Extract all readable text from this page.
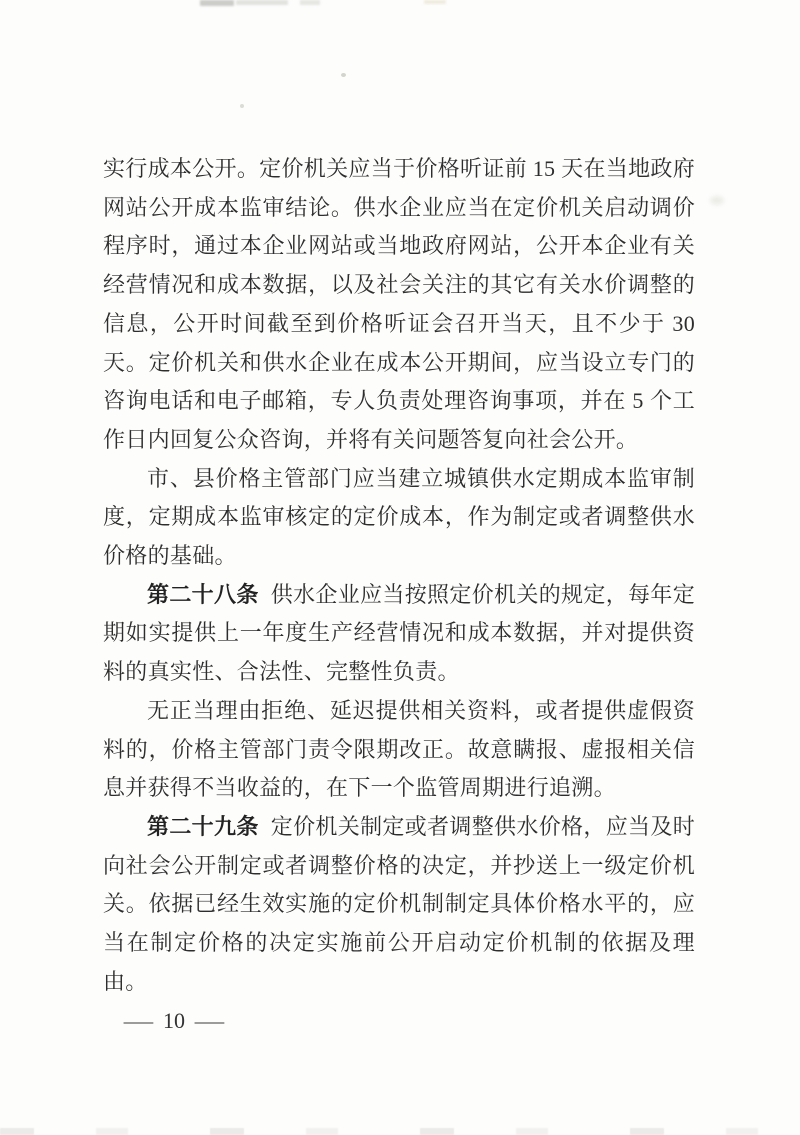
实行成本公开。定价机关应当于价格听证前 15 天在当地政府网站公开成本监审结论。供水企业应当在定价机关启动调价程序时，通过本企业网站或当地政府网站，公开本企业有关经营情况和成本数据，以及社会关注的其它有关水价调整的信息，公开时间截至到价格听证会召开当天，且不少于 30 天。定价机关和供水企业在成本公开期间，应当设立专门的咨询电话和电子邮箱，专人负责处理咨询事项，并在 5 个工作日内回复公众咨询，并将有关问题答复向社会公开。

市、县价格主管部门应当建立城镇供水定期成本监审制度，定期成本监审核定的定价成本，作为制定或者调整供水价格的基础。

第二十八条 供水企业应当按照定价机关的规定，每年定期如实提供上一年度生产经营情况和成本数据，并对提供资料的真实性、合法性、完整性负责。

无正当理由拒绝、延迟提供相关资料，或者提供虚假资料的，价格主管部门责令限期改正。故意瞒报、虚报相关信息并获得不当收益的，在下一个监管周期进行追溯。

第二十九条 定价机关制定或者调整供水价格，应当及时向社会公开制定或者调整价格的决定，并抄送上一级定价机关。依据已经生效实施的定价机制制定具体价格水平的，应当在制定价格的决定实施前公开启动定价机制的依据及理由。

— 10 —
